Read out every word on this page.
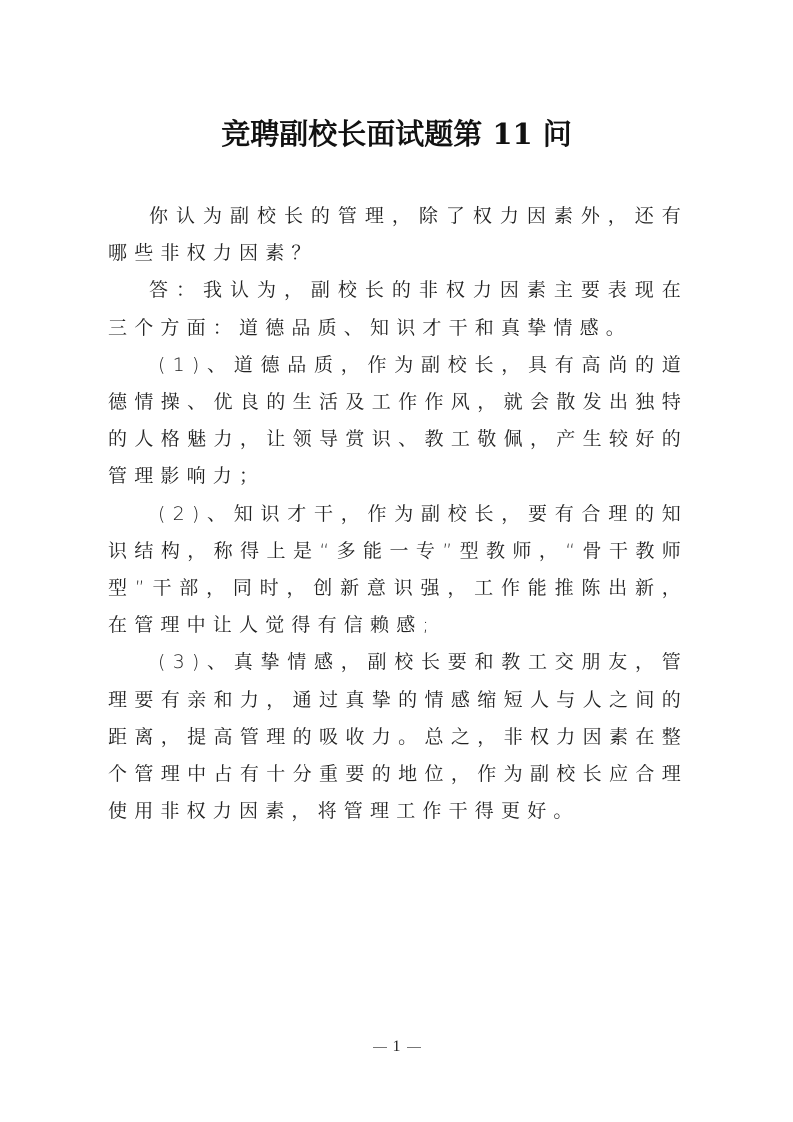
竞聘副校长面试题第 11 问

你认为副校长的管理，除了权力因素外，还有哪些非权力因素？

答：我认为，副校长的非权力因素主要表现在三个方面：道德品质、知识才干和真挚情感。

(1)、道德品质，作为副校长，具有高尚的道德情操、优良的生活及工作作风，就会散发出独特的人格魅力，让领导赏识、教工敬佩，产生较好的管理影响力；

(2)、知识才干，作为副校长，要有合理的知识结构，称得上是“多能一专”型教师，“骨干教师型”干部，同时，创新意识强，工作能推陈出新，在管理中让人觉得有信赖感;

(3)、真挚情感，副校长要和教工交朋友，管理要有亲和力，通过真挚的情感缩短人与人之间的距离，提高管理的吸收力。总之，非权力因素在整个管理中占有十分重要的地位，作为副校长应合理使用非权力因素，将管理工作干得更好。

1
